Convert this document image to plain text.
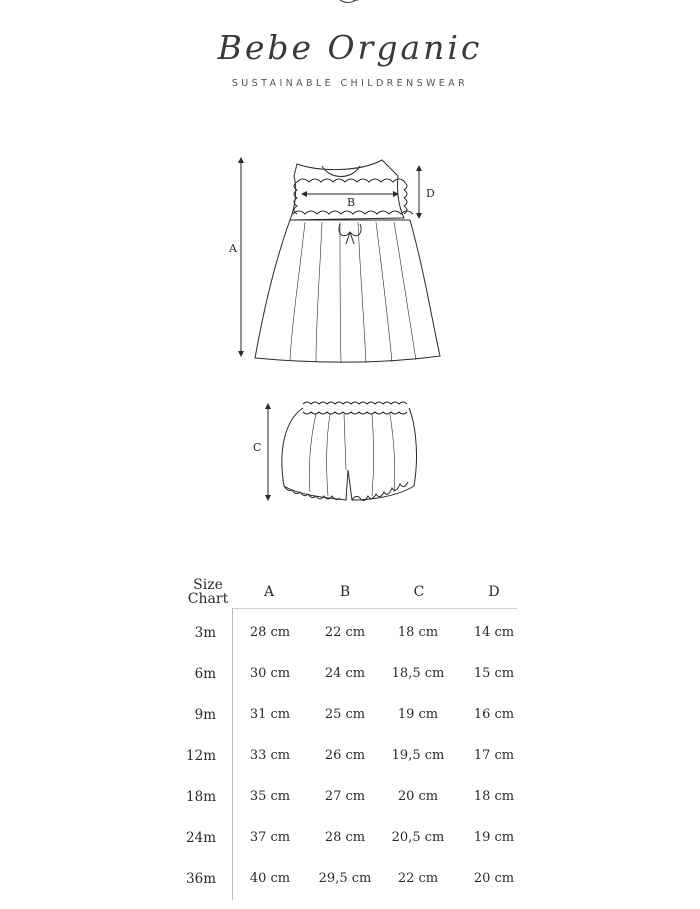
Bebe Organic
SUSTAINABLE CHILDRENSWEAR
A
B
D
C
Size
Chart	A	B	C	D
3m	28 cm	22 cm	18 cm	14 cm
6m	30 cm	24 cm	18,5 cm	15 cm
9m	31 cm	25 cm	19 cm	16 cm
12m	33 cm	26 cm	19,5 cm	17 cm
18m	35 cm	27 cm	20 cm	18 cm
24m	37 cm	28 cm	20,5 cm	19 cm
36m	40 cm	29,5 cm	22 cm	20 cm
